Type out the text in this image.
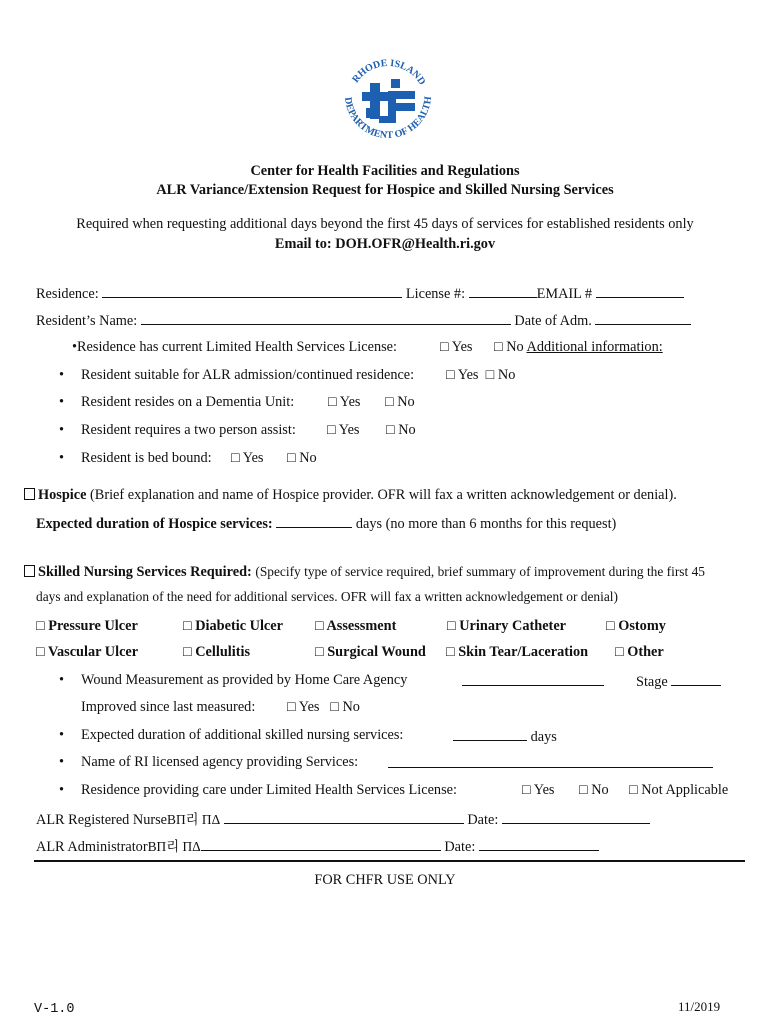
RHODE ISLAND
DEPARTMENT OF HEALTH
Center for Health Facilities and Regulations
ALR Variance/Extension Request for Hospice and Skilled Nursing Services
Required when requesting additional days beyond the first 45 days of services for established residents only
Email to: DOH.OFR@Health.ri.gov
Residence:	License #:	EMAIL #
Resident’s Name:	Date of Adm.
•Residence has current Limited Health Services License:	□ Yes □ No Additional information:
• Resident suitable for ALR admission/continued residence: □ Yes □ No
• Resident resides on a Dementia Unit: □ Yes □ No
• Resident requires a two person assist: □ Yes □ No
• Resident is bed bound: □ Yes □ No
Hospice (Brief explanation and name of Hospice provider. OFR will fax a written acknowledgement or denial).
Expected duration of Hospice services:	days (no more than 6 months for this request)
Skilled Nursing Services Required: (Specify type of service required, brief summary of improvement during the first 45
days and explanation of the need for additional services. OFR will fax a written acknowledgement or denial)
□ Pressure Ulcer	□ Diabetic Ulcer □ Assessment	□ Urinary Catheter	□ Ostomy
□ Vascular Ulcer	□ Cellulitis	□ Surgical Wound □ Skin Tear/Laceration □ Other
• Wound Measurement as provided by Home Care Agency	Stage
Improved since last measured: □ Yes □ No
• Expected duration of additional skilled nursing services:	days
• Name of RI licensed agency providing Services:
• Residence providing care under Limited Health Services License:	□ Yes □ No □ Not Applicable
ALR Registered NurseΒΠ리 ΠΔ	Date:
ALR AdministratorΒΠ리 ΠΔ	Date:
FOR CHFR USE ONLY
V-1.0	11/2019
